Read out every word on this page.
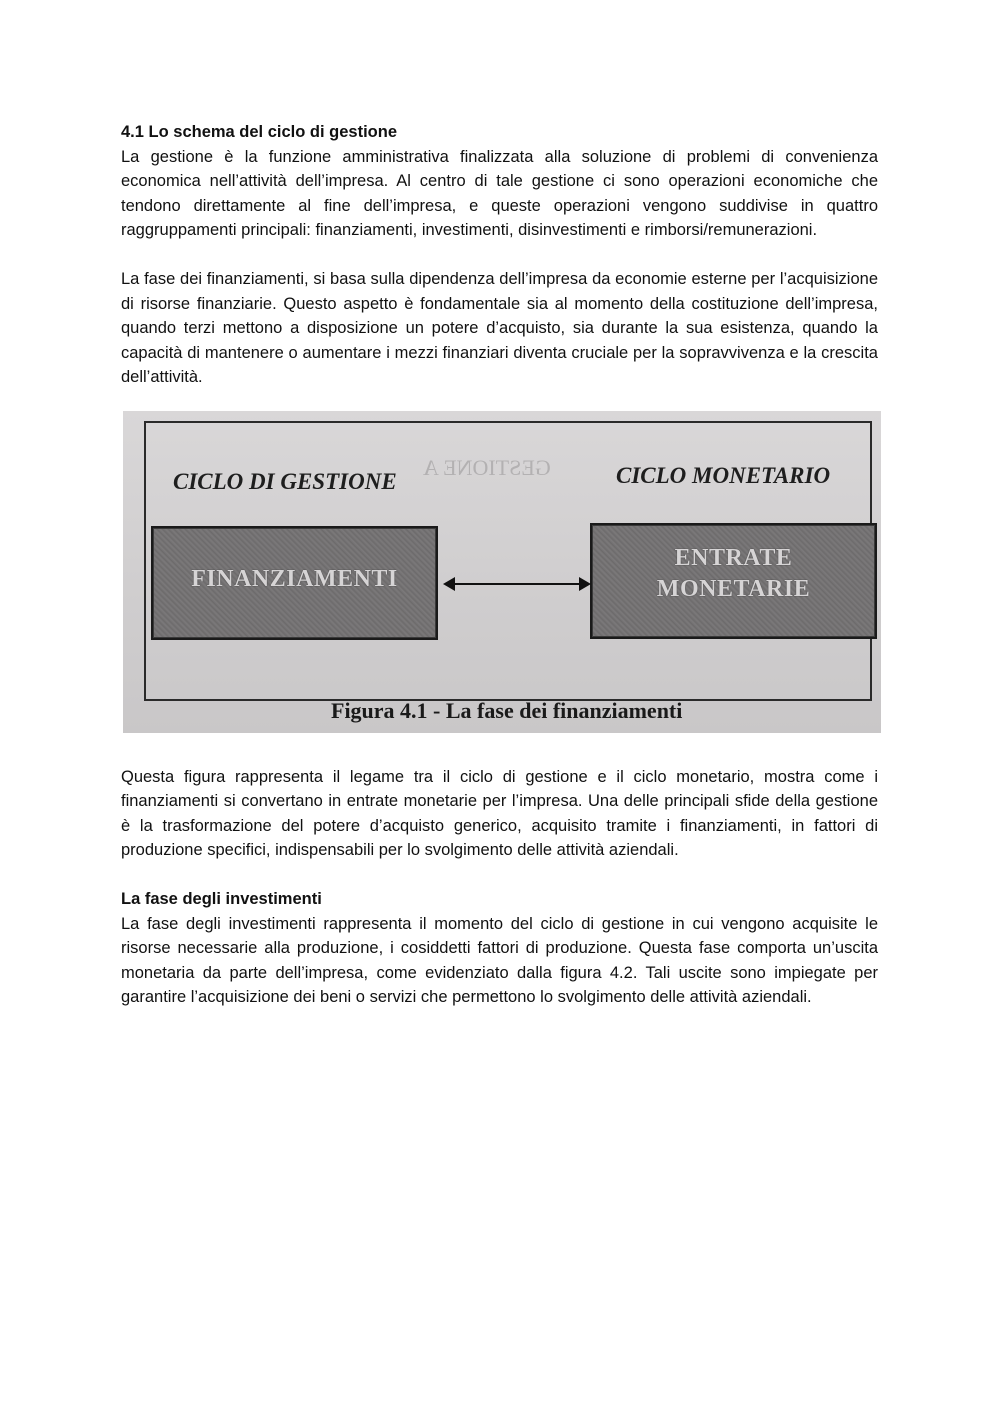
4.1 Lo schema del ciclo di gestione

La gestione è la funzione amministrativa finalizzata alla soluzione di problemi di convenienza economica nell’attività dell’impresa. Al centro di tale gestione ci sono operazioni economiche che tendono direttamente al fine dell’impresa, e queste operazioni vengono suddivise in quattro raggruppamenti principali: finanziamenti, investimenti, disinvestimenti e rimborsi/remunerazioni.

La fase dei finanziamenti, si basa sulla dipendenza dell’impresa da economie esterne per l’acquisizione di risorse finanziarie. Questo aspetto è fondamentale sia al momento della costituzione dell’impresa, quando terzi mettono a disposizione un potere d’acquisto, sia durante la sua esistenza, quando la capacità di mantenere o aumentare i mezzi finanziari diventa cruciale per la sopravvivenza e la crescita dell’attività.

GESTIONE A
CICLO DI GESTIONE	CICLO MONETARIO
FINANZIAMENTI
ENTRATE
MONETARIE
Figura 4.1 - La fase dei finanziamenti

Questa figura rappresenta il legame tra il ciclo di gestione e il ciclo monetario, mostra come i finanziamenti si convertano in entrate monetarie per l’impresa. Una delle principali sfide della gestione è la trasformazione del potere d’acquisto generico, acquisito tramite i finanziamenti, in fattori di produzione specifici, indispensabili per lo svolgimento delle attività aziendali.

La fase degli investimenti

La fase degli investimenti rappresenta il momento del ciclo di gestione in cui vengono acquisite le risorse necessarie alla produzione, i cosiddetti fattori di produzione. Questa fase comporta un’uscita monetaria da parte dell’impresa, come evidenziato dalla figura 4.2. Tali uscite sono impiegate per garantire l’acquisizione dei beni o servizi che permettono lo svolgimento delle attività aziendali.
